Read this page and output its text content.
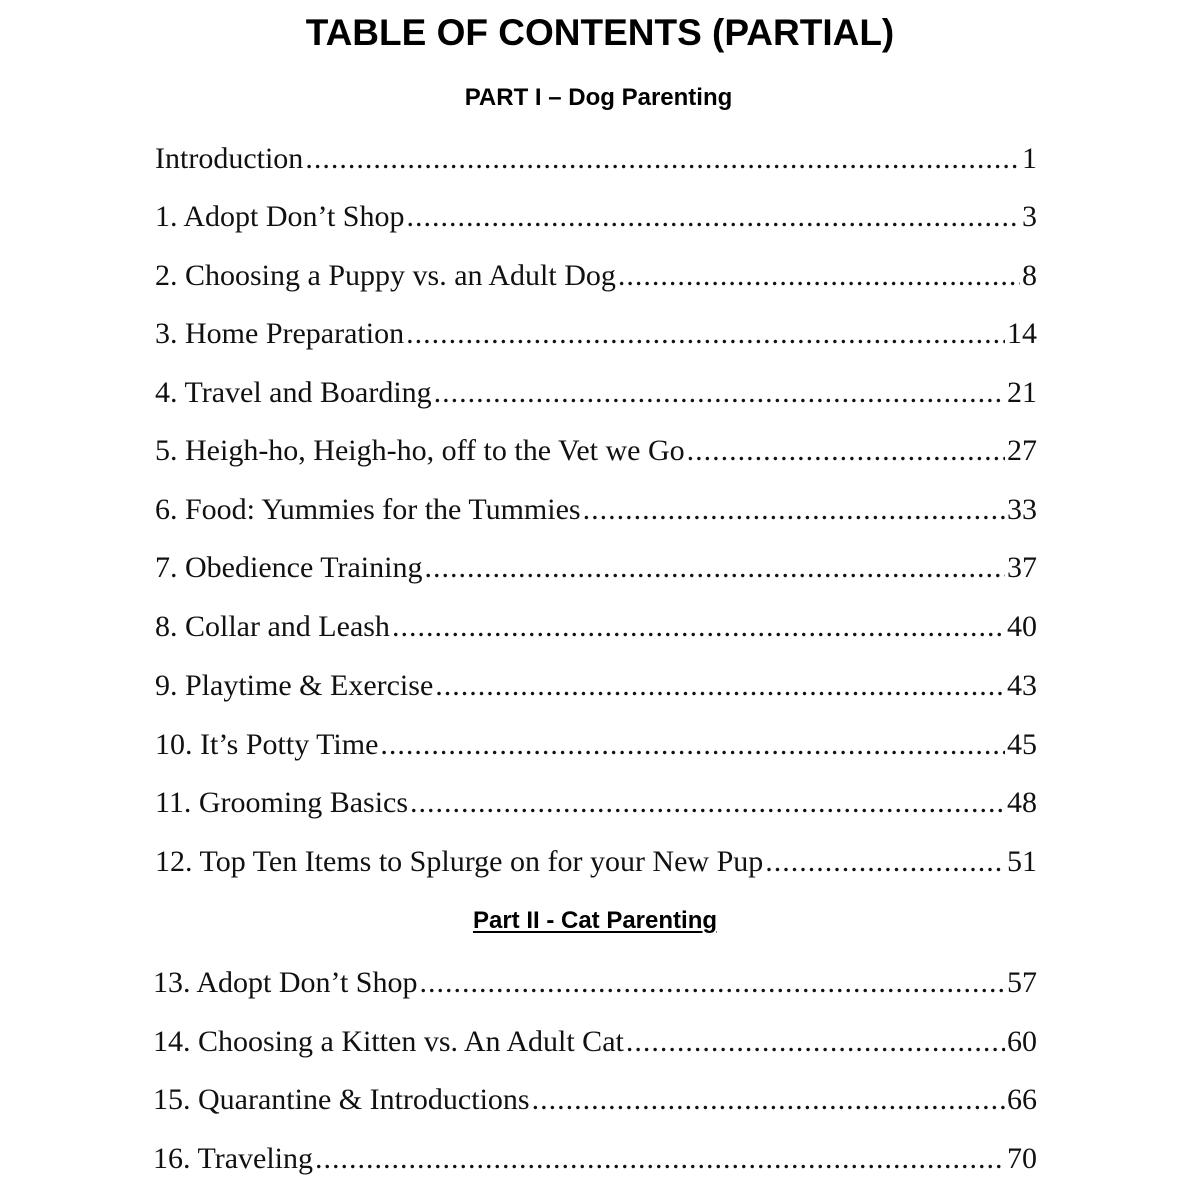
TABLE OF CONTENTS (PARTIAL)
PART I – Dog Parenting
Introduction .....	1
1. Adopt Don’t Shop .....	3
2. Choosing a Puppy vs. an Adult Dog .....	8
3. Home Preparation .....	14
4. Travel and Boarding .....	21
5. Heigh-ho, Heigh-ho, off to the Vet we Go .....	27
6. Food: Yummies for the Tummies .....	33
7. Obedience Training .....	37
8. Collar and Leash .....	40
9. Playtime & Exercise .....	43
10. It’s Potty Time .....	45
11. Grooming Basics .....	48
12. Top Ten Items to Splurge on for your New Pup .....	51
Part II - Cat Parenting
13. Adopt Don’t Shop .....	57
14. Choosing a Kitten vs. An Adult Cat .....	60
15. Quarantine & Introductions .....	66
16. Traveling .....	70
